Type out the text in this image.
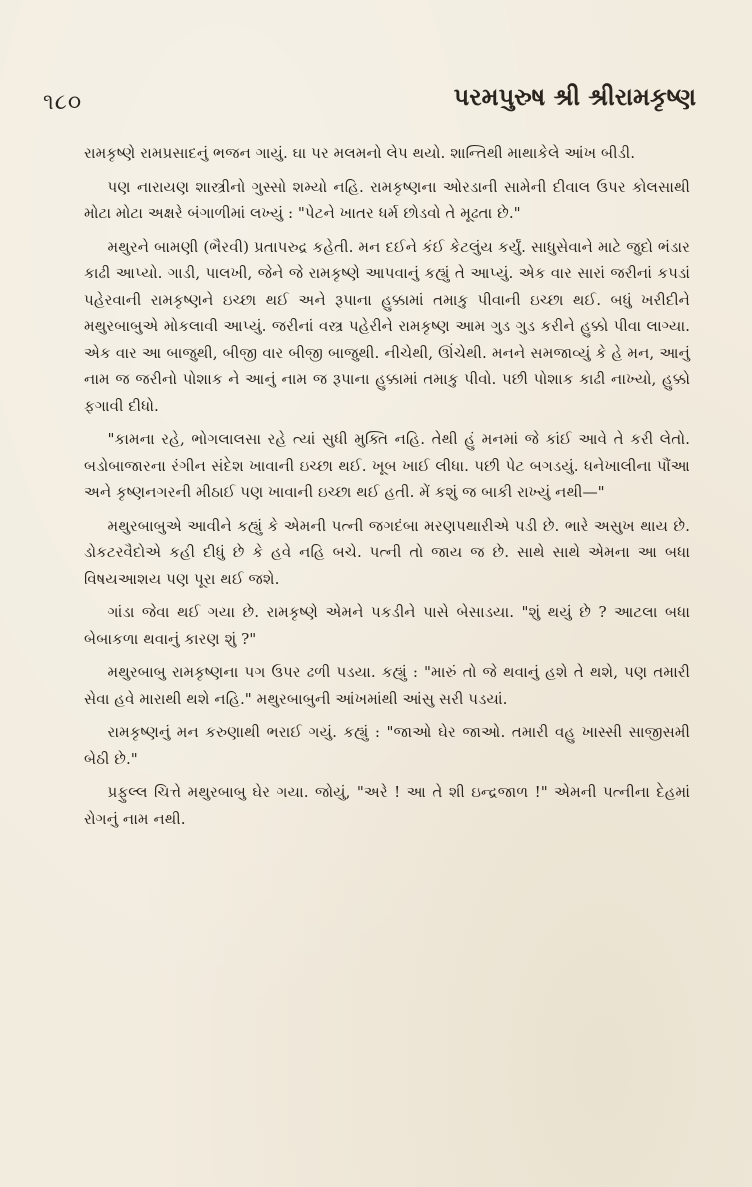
૧૮૦	પરમપુરુષ શ્રી શ્રીરામકૃષ્ણ

રામકૃષ્ણે રામપ્રસાદનું ભજન ગાયું. ઘા પર મલમનો લેપ થયો. શાન્તિથી માથાકેલે આંખ બીડી.

પણ નારાયણ શાસ્ત્રીનો ગુસ્સો શમ્યો નહિ. રામકૃષ્ણના ઓરડાની સામેની દીવાલ ઉપર કોલસાથી મોટા મોટા અક્ષરે બંગાળીમાં લખ્યું : "પેટને ખાતર ધર્મ છોડવો તે મૂઢતા છે."

મથુરને બામણી (ભૈરવી) પ્રતાપરુદ્ર કહેતી. મન દઈને કંઈ કેટલુંય કર્યું. સાધુસેવાને માટે જુદો ભંડાર કાઢી આપ્યો. ગાડી, પાલખી, જેને જે રામકૃષ્ણે આપવાનું કહ્યું તે આપ્યું. એક વાર સારાં જરીનાં કપડાં પહેરવાની રામકૃષ્ણને ઇચ્છા થઈ અને રૂપાના હુક્કામાં તમાકુ પીવાની ઇચ્છા થઈ. બધું ખરીદીને મથુરબાબુએ મોકલાવી આપ્યું. જરીનાં વસ્ત્ર પહેરીને રામકૃષ્ણ આમ ગુડ ગુડ કરીને હુક્કો પીવા લાગ્યા. એક વાર આ બાજુથી, બીજી વાર બીજી બાજુથી. નીચેથી, ઊંચેથી. મનને સમજાવ્યું કે હે મન, આનું નામ જ જરીનો પોશાક ને આનું નામ જ રૂપાના હુક્કામાં તમાકુ પીવો. પછી પોશાક કાઢી નાખ્યો, હુક્કો ફગાવી દીધો.

"કામના રહે, ભોગલાલસા રહે ત્યાં સુધી મુક્તિ નહિ. તેથી હું મનમાં જે કાંઈ આવે તે કરી લેતો. બડોબાજારના રંગીન સંદેશ ખાવાની ઇચ્છા થઈ. ખૂબ ખાઈ લીધા. પછી પેટ બગડયું. ધનેખાલીના પૌંઆ અને કૃષ્ણનગરની મીઠાઈ પણ ખાવાની ઇચ્છા થઈ હતી. મેં કશું જ બાકી રાખ્યું નથી—"

મથુરબાબુએ આવીને કહ્યું કે એમની પત્ની જગદંબા મરણપથારીએ પડી છે. ભારે અસુખ થાય છે. ડોકટરવૈદોએ કહી દીધું છે કે હવે નહિ બચે. પત્ની તો જાય જ છે. સાથે સાથે એમના આ બધા વિષયઆશય પણ પૂરા થઈ જશે.

ગાંડા જેવા થઈ ગયા છે. રામકૃષ્ણે એમને પકડીને પાસે બેસાડયા. "શું થયું છે ? આટલા બધા બેબાકળા થવાનું કારણ શું ?"

મથુરબાબુ રામકૃષ્ણના પગ ઉપર ઢળી પડયા. કહ્યું : "મારું તો જે થવાનું હશે તે થશે, પણ તમારી સેવા હવે મારાથી થશે નહિ." મથુરબાબુની આંખમાંથી આંસુ સરી પડયાં.

રામકૃષ્ણનું મન કરુણાથી ભરાઈ ગયું. કહ્યું : "જાઓ ઘેર જાઓ. તમારી વહુ ખાસ્સી સાજીસમી બેઠી છે."

પ્રફુલ્લ ચિત્તે મથુરબાબુ ઘેર ગયા. જોયું, "અરે ! આ તે શી ઇન્દ્રજાળ !" એમની પત્નીના દેહમાં રોગનું નામ નથી.
